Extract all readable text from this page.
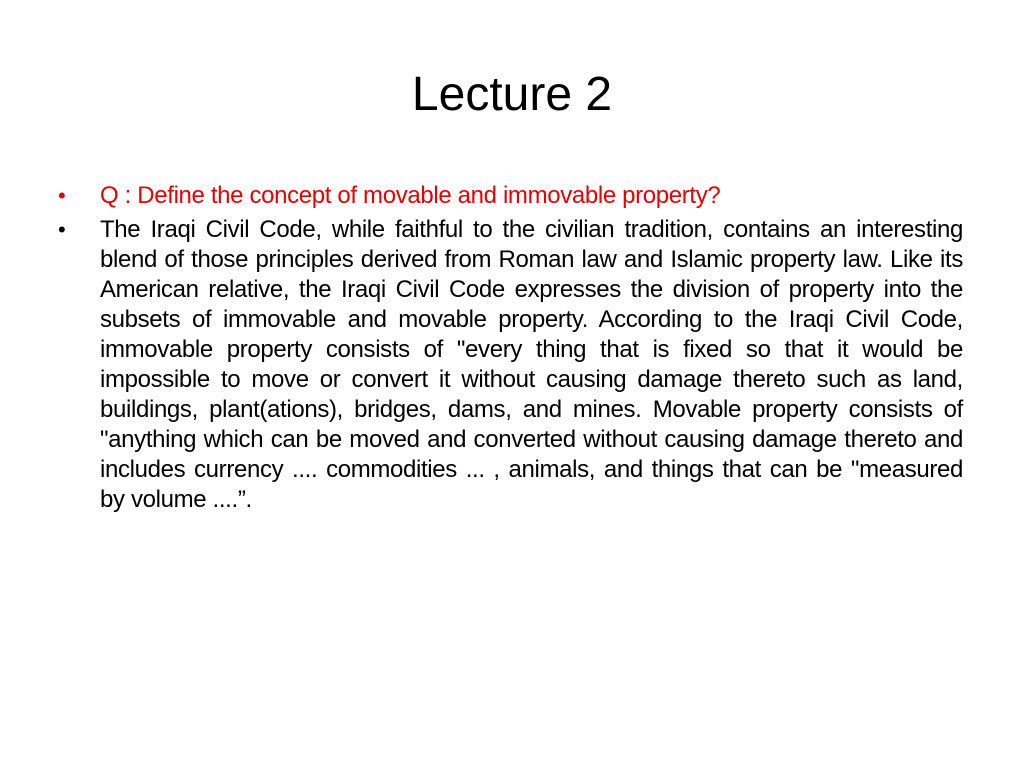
Lecture 2
•	Q : Define the concept of movable and immovable property?
•	The Iraqi Civil Code, while faithful to the civilian tradition, contains an interesting blend of those principles derived from Roman law and Islamic property law. Like its American relative, the Iraqi Civil Code expresses the division of property into the subsets of immovable and movable property. According to the Iraqi Civil Code, immovable property consists of "every thing that is fixed so that it would be impossible to move or convert it without causing damage thereto such as land, buildings, plant(ations), bridges, dams, and mines. Movable property consists of "anything which can be moved and converted without causing damage thereto and includes currency .... commodities ... , animals, and things that can be "measured by volume ....”.
